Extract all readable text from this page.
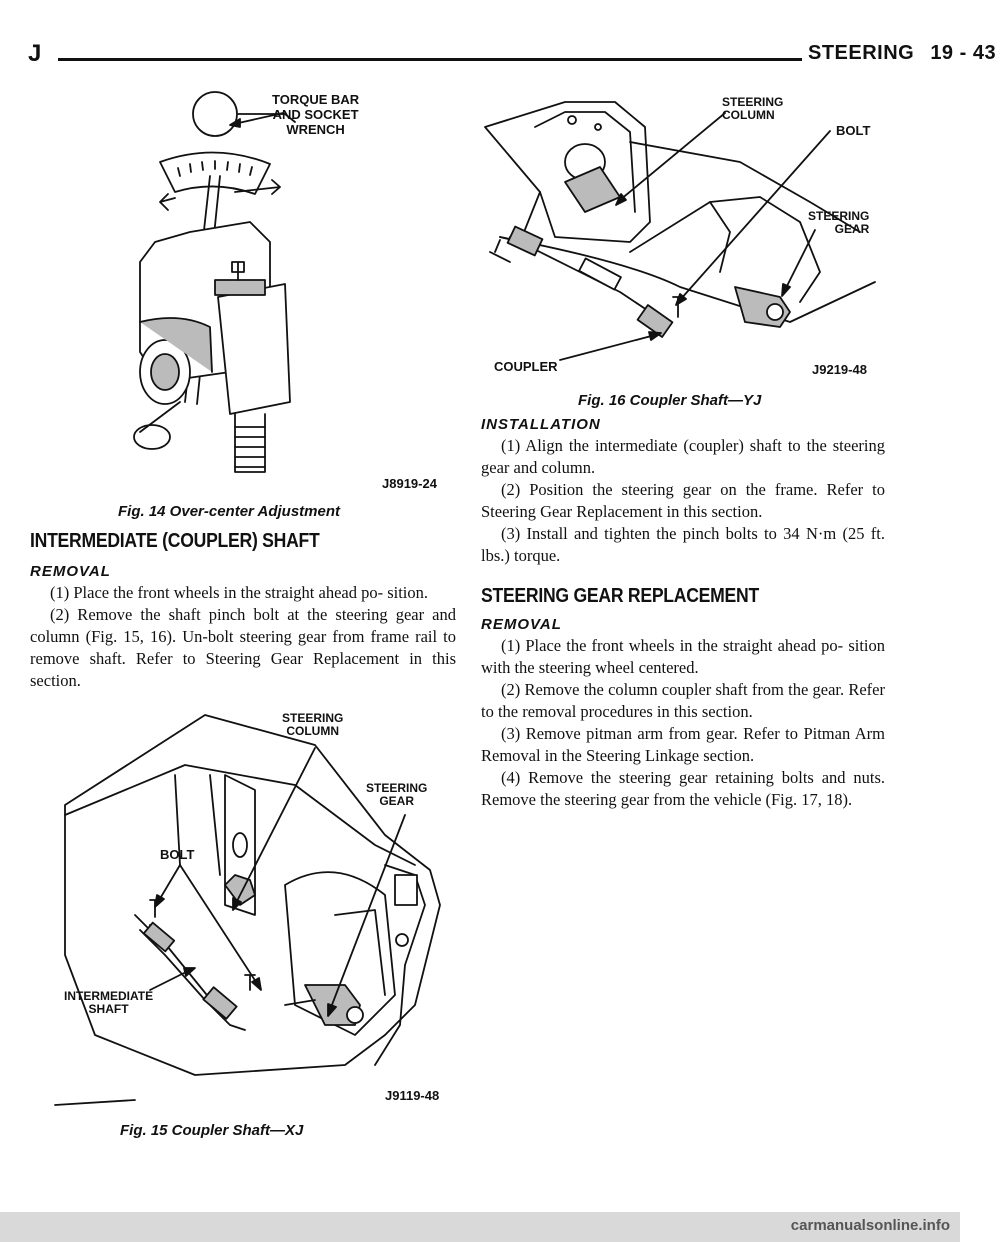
J	STEERING 19 - 43
TORQUE BAR
AND SOCKET
WRENCH
J8919-24
Fig. 14 Over-center Adjustment
INTERMEDIATE (COUPLER) SHAFT
REMOVAL

(1) Place the front wheels in the straight ahead po- sition.

(2) Remove the shaft pinch bolt at the steering gear and column (Fig. 15, 16). Un-bolt steering gear from frame rail to remove shaft. Refer to Steering Gear Replacement in this section.

STEERING
COLUMN
STEERING
GEAR
BOLT
INTERMEDIATE
SHAFT
J9119-48
Fig. 15 Coupler Shaft—XJ
STEERING
COLUMN
BOLT
STEERING
GEAR
COUPLER	J9219-48
Fig. 16 Coupler Shaft—YJ
INSTALLATION

(1) Align the intermediate (coupler) shaft to the steering gear and column.

(2) Position the steering gear on the frame. Refer to Steering Gear Replacement in this section.

(3) Install and tighten the pinch bolts to 34 N·m (25 ft. lbs.) torque.

STEERING GEAR REPLACEMENT
REMOVAL

(1) Place the front wheels in the straight ahead po- sition with the steering wheel centered.

(2) Remove the column coupler shaft from the gear. Refer to the removal procedures in this section.

(3) Remove pitman arm from gear. Refer to Pitman Arm Removal in the Steering Linkage section.

(4) Remove the steering gear retaining bolts and nuts. Remove the steering gear from the vehicle (Fig. 17, 18).

carmanualsonline.info
